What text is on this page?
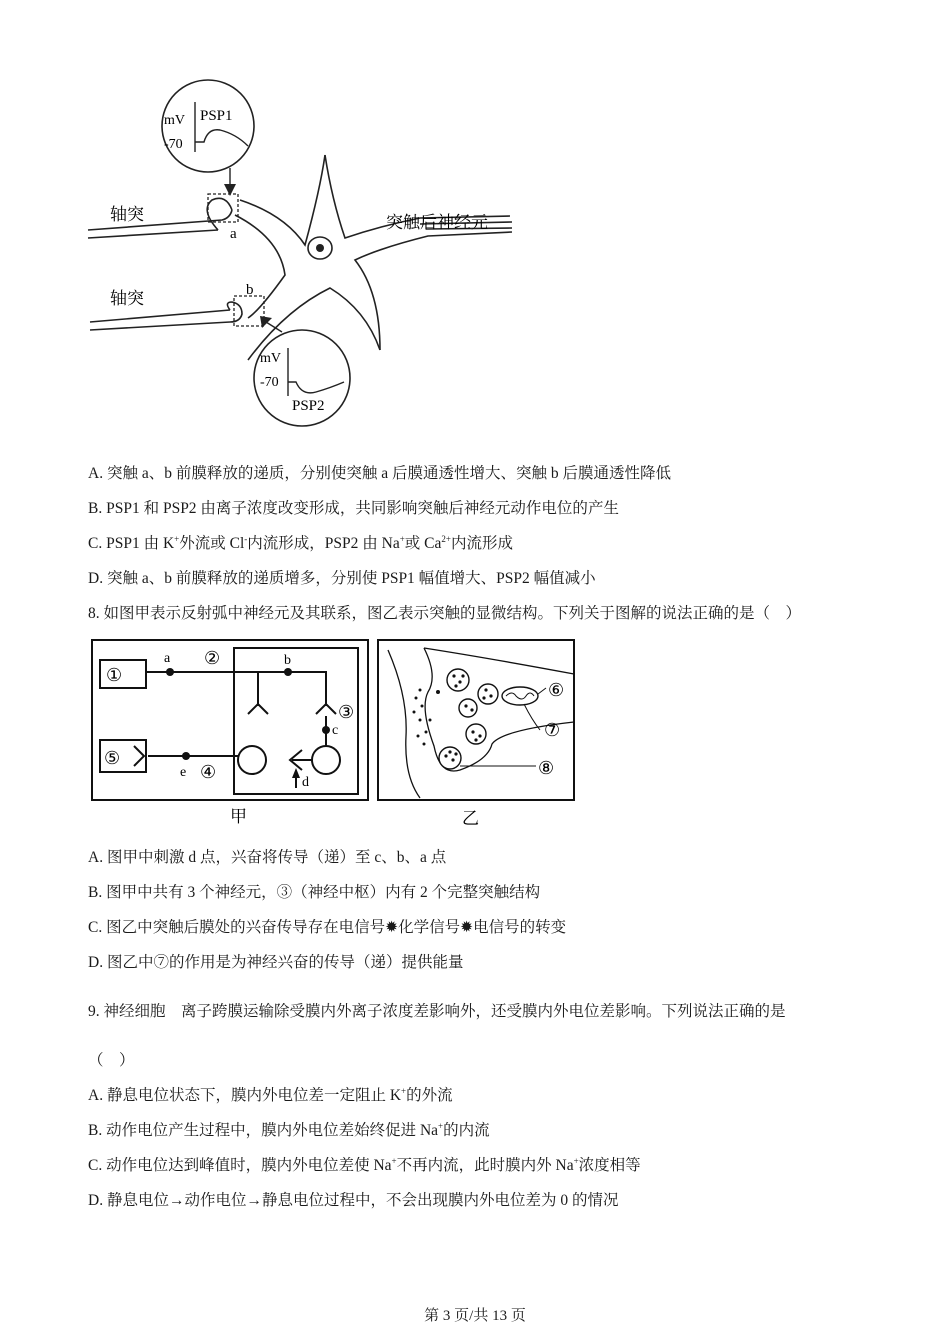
mV
-70
PSP1
mV
-70
PSP2
轴突
轴突
突触后神经元
a
b
A. 突触 a、b 前膜释放的递质，分别使突触 a 后膜通透性增大、突触 b 后膜通透性降低
B. PSP1 和 PSP2 由离子浓度改变形成，共同影响突触后神经元动作电位的产生
C. PSP1 由 K+外流或 Cl-内流形成，PSP2 由 Na+或 $Ca^{2+}$内流形成
D. 突触 a、b 前膜释放的递质增多，分别使 PSP1 幅值增大、PSP2 幅值减小
8. 如图甲表示反射弧中神经元及其联系，图乙表示突触的显微结构。下列关于图解的说法正确的是（　）
①
a ②	b
③
c
⑤
e ④
d
甲
⑥
⑦
⑧
乙
A. 图甲中刺激 d 点，兴奋将传导（递）至 c、b、a 点
B. 图甲中共有 3 个神经元，③（神经中枢）内有 2 个完整突触结构
C. 图乙中突触后膜处的兴奋传导存在电信号✹化学信号✹电信号的转变
D. 图乙中⑦的作用是为神经兴奋的传导（递）提供能量
9. 神经细胞　离子跨膜运输除受膜内外离子浓度差影响外，还受膜内外电位差影响。下列说法正确的是
（　）
A. 静息电位状态下，膜内外电位差一定阻止 K+的外流
B. 动作电位产生过程中，膜内外电位差始终促进 Na+的内流
C. 动作电位达到峰值时，膜内外电位差使 Na+不再内流，此时膜内外 Na+浓度相等
D. 静息电位→动作电位→静息电位过程中，不会出现膜内外电位差为 0 的情况
第 3 页/共 13 页
